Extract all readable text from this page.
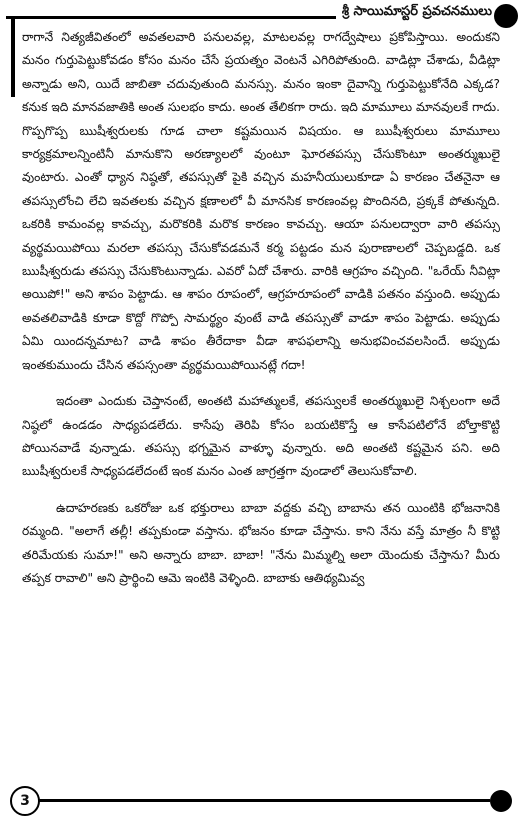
శ్రీ సాయిమాస్టర్ ప్రవచనములు

రాగానే నిత్యజీవితంలో అవతలవారి పనులవల్ల, మాటలవల్ల రాగద్వేషాలు ప్రకోపిస్తాయి. అందుకని మనం గుర్తుపెట్టుకోవడం కోసం మనం చేసే ప్రయత్నం వెంటనే ఎగిరిపోతుంది. వాడిట్లా చేశాడు, వీడిట్లా అన్నాడు అని, యిదే జాబితా చదువుతుంది మనస్సు. మనం ఇంకా దైవాన్ని గుర్తుపెట్టుకోనేది ఎక్కడ? కనుక ఇది మానవజాతికి అంత సులభం కాదు. అంత తేలికగా రాదు. ఇది మామూలు మానవులకే గాదు. గొప్పగొప్ప ఋషీశ్వరులకు గూడ చాలా కష్టమయిన విషయం. ఆ ఋషీశ్వరులు మామూలు కార్యక్రమాలన్నింటినీ మానుకొని అరణ్యాలలో వుంటూ ఘోరతపస్సు చేసుకొంటూ అంతర్ముఖులై వుంటారు. ఎంతో ధ్యాన నిష్ఠతో, తపస్సుతో పైకి వచ్చిన మహనీయులుకూడా ఏ కారణం చేతనైనా ఆ తపస్సులోంచి లేచి ఇవతలకు వచ్చిన క్షణాలలో వీ మానసిక కారణంవల్ల పొందినది, ప్రక్కకే పోతున్నది. ఒకరికి కామంవల్ల కావచ్చు, మరొకరికి మరొక కారణం కావచ్చు. ఆయా పనులద్వారా వారి తపస్సు వ్యర్థమయిపోయి మరలా తపస్సు చేసుకోవడమనే కర్మ పట్టడం మన పురాణాలలో చెప్పబడ్డది. ఒక ఋషీశ్వరుడు తపస్సు చేసుకొంటున్నాడు. ఎవరో ఏదో చేశారు. వారికి ఆగ్రహం వచ్చింది. "ఒరేయ్ నీవిట్లా అయిపో!" అని శాపం పెట్టాడు. ఆ శాపం రూపంలో, ఆగ్రహరూపంలో వాడికి పతనం వస్తుంది. అప్పుడు అవతలివాడికి కూడా కొద్దో గొప్పో సామర్థ్యం వుంటే వాడి తపస్సుతో వాడూ శాపం పెట్టాడు. అప్పుడు ఏమి యిందన్నమాట? వాడి శాపం తీరేదాకా వీడా శాపఫలాన్ని అనుభవించవలసిందే. అప్పుడు ఇంతకుముందు చేసిన తపస్సంతా వ్యర్థమయిపోయినట్లే గదా!

ఇదంతా ఎందుకు చెప్తానంటే, అంతటి మహాత్ములకే, తపస్వులకే అంతర్ముఖులై నిశ్చలంగా అదే నిష్ఠలో ఉండడం సాధ్యపడలేదు. కాసేపు తెరిపి కోసం బయటికొస్తే ఆ కాసేపటిలోనే బోల్తాకొట్టి పోయినవాడే వున్నాడు. తపస్సు భగ్నమైన వాళ్ళూ వున్నారు. అది అంతటి కష్టమైన పని. అది ఋషీశ్వరులకే సాధ్యపడలేదంటే ఇంక మనం ఎంత జాగ్రత్తగా వుండాలో తెలుసుకోవాలి.

ఉదాహరణకు ఒకరోజు ఒక భక్తురాలు బాబా వద్దకు వచ్చి బాబాను తన యింటికి భోజనానికి రమ్మంది. "అలాగే తల్లీ! తప్పకుండా వస్తాను. భోజనం కూడా చేస్తాను. కాని నేను వస్తే మాత్రం నీ కొట్టి తరిమేయకు సుమా!" అని అన్నారు బాబా. బాబా! "నేను మిమ్మల్ని అలా యెందుకు చేస్తాను? మీరు తప్పక రావాలి" అని ప్రార్థించి ఆమె ఇంటికి వెళ్ళింది. బాబాకు ఆతిథ్యమివ్వ

3
